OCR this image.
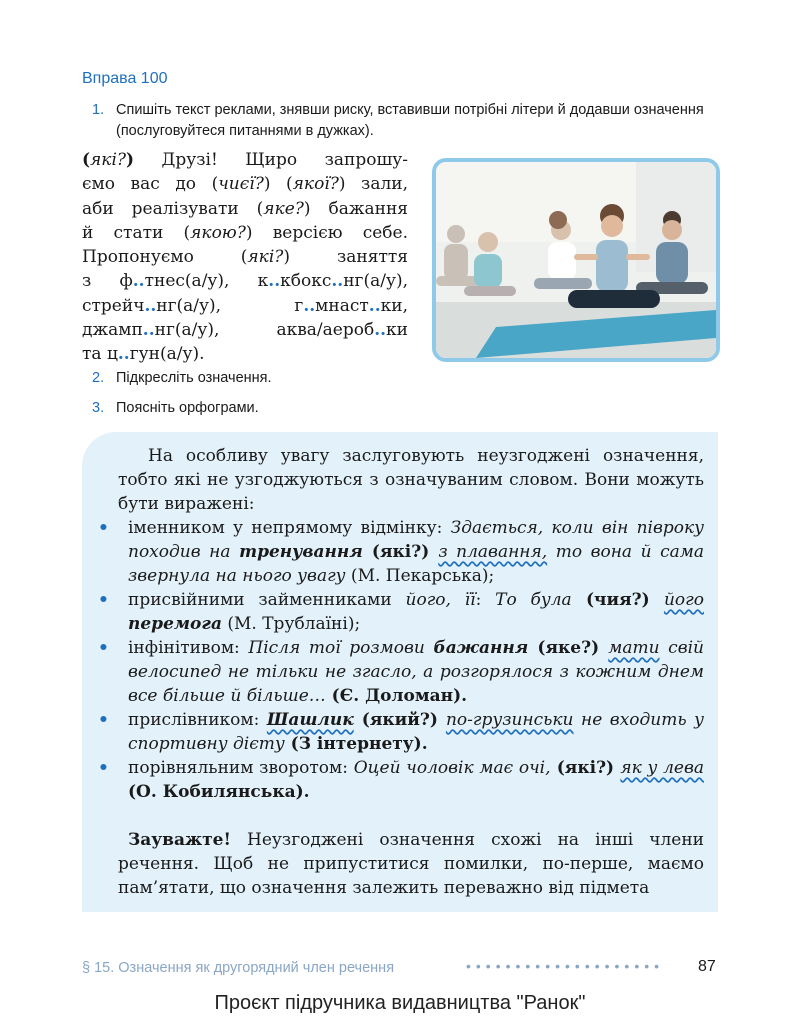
Вправа 100
1. Спишіть текст реклами, знявши риску, вставивши потрібні літери й додавши означення (послуговуйтеся питаннями в дужках).
(які?) Друзі! Щиро запрошу-
ємо вас до (чиєї?) (якої?) зали,
аби реалізувати (яке?) бажання
й стати (якою?) версією себе.
Пропонуємо (які?) заняття
з ф..тнес(а/у), к..кбокс..нг(а/у),
стрейч..нг(а/у), г..мнаст..ки,
джамп..нг(а/у), аква/аероб..ки
та ц..гун(а/у).
2. Підкресліть означення.
3. Поясніть орфограми.

На особливу увагу заслуговують неузгоджені означення, тобто які не узгоджуються з означуваним словом. Вони можуть бути виражені:

• іменником у непрямому відмінку: Здається, коли він півроку походив на тренування (які?) з плавання, то вона й сама звернула на нього увагу (М. Пекарська);
• присвійними займенниками його, її: То була (чия?) його перемога (М. Трублаїні);
• інфінітивом: Після тої розмови бажання (яке?) мати свій велосипед не тільки не згасло, а розгорялося з кожним днем все більше й більше… (Є. Доломан).
• прислівником: Шашлик (який?) по-грузинськи не входить у спортивну дієту (З інтернету).
• порівняльним зворотом: Оцей чоловік має очі, (які?) як у лева (О. Кобилянська).

Зауважте! Неузгоджені означення схожі на інші члени речення. Щоб не припуститися помилки, по-перше, маємо пам’ятати, що означення залежить переважно від підмета

§ 15. Означення як другорядний член речення	•••••••••••••••••••• 87
Проєкт підручника видавництва "Ранок"
